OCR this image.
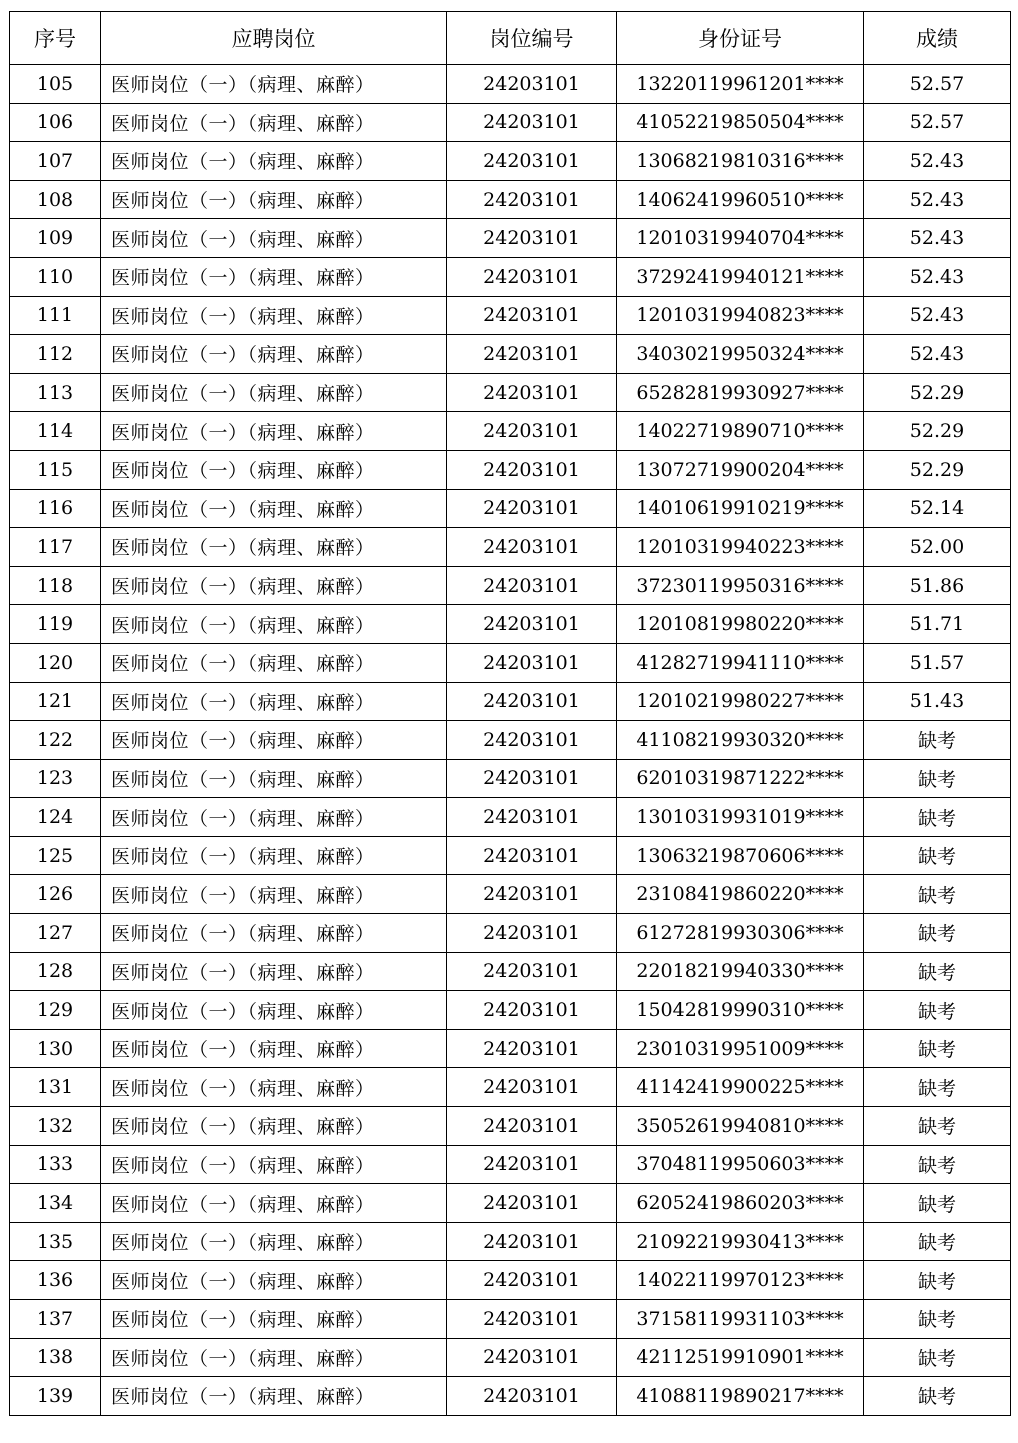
序号	应聘岗位	岗位编号	身份证号	成绩
105	医师岗位（一）（病理、麻醉）	24203101	13220119961201****	52.57
106	医师岗位（一）（病理、麻醉）	24203101	41052219850504****	52.57
107	医师岗位（一）（病理、麻醉）	24203101	13068219810316****	52.43
108	医师岗位（一）（病理、麻醉）	24203101	14062419960510****	52.43
109	医师岗位（一）（病理、麻醉）	24203101	12010319940704****	52.43
110	医师岗位（一）（病理、麻醉）	24203101	37292419940121****	52.43
111	医师岗位（一）（病理、麻醉）	24203101	12010319940823****	52.43
112	医师岗位（一）（病理、麻醉）	24203101	34030219950324****	52.43
113	医师岗位（一）（病理、麻醉）	24203101	65282819930927****	52.29
114	医师岗位（一）（病理、麻醉）	24203101	14022719890710****	52.29
115	医师岗位（一）（病理、麻醉）	24203101	13072719900204****	52.29
116	医师岗位（一）（病理、麻醉）	24203101	14010619910219****	52.14
117	医师岗位（一）（病理、麻醉）	24203101	12010319940223****	52.00
118	医师岗位（一）（病理、麻醉）	24203101	37230119950316****	51.86
119	医师岗位（一）（病理、麻醉）	24203101	12010819980220****	51.71
120	医师岗位（一）（病理、麻醉）	24203101	41282719941110****	51.57
121	医师岗位（一）（病理、麻醉）	24203101	12010219980227****	51.43
122	医师岗位（一）（病理、麻醉）	24203101	41108219930320****	缺考
123	医师岗位（一）（病理、麻醉）	24203101	62010319871222****	缺考
124	医师岗位（一）（病理、麻醉）	24203101	13010319931019****	缺考
125	医师岗位（一）（病理、麻醉）	24203101	13063219870606****	缺考
126	医师岗位（一）（病理、麻醉）	24203101	23108419860220****	缺考
127	医师岗位（一）（病理、麻醉）	24203101	61272819930306****	缺考
128	医师岗位（一）（病理、麻醉）	24203101	22018219940330****	缺考
129	医师岗位（一）（病理、麻醉）	24203101	15042819990310****	缺考
130	医师岗位（一）（病理、麻醉）	24203101	23010319951009****	缺考
131	医师岗位（一）（病理、麻醉）	24203101	41142419900225****	缺考
132	医师岗位（一）（病理、麻醉）	24203101	35052619940810****	缺考
133	医师岗位（一）（病理、麻醉）	24203101	37048119950603****	缺考
134	医师岗位（一）（病理、麻醉）	24203101	62052419860203****	缺考
135	医师岗位（一）（病理、麻醉）	24203101	21092219930413****	缺考
136	医师岗位（一）（病理、麻醉）	24203101	14022119970123****	缺考
137	医师岗位（一）（病理、麻醉）	24203101	37158119931103****	缺考
138	医师岗位（一）（病理、麻醉）	24203101	42112519910901****	缺考
139	医师岗位（一）（病理、麻醉）	24203101	41088119890217****	缺考
